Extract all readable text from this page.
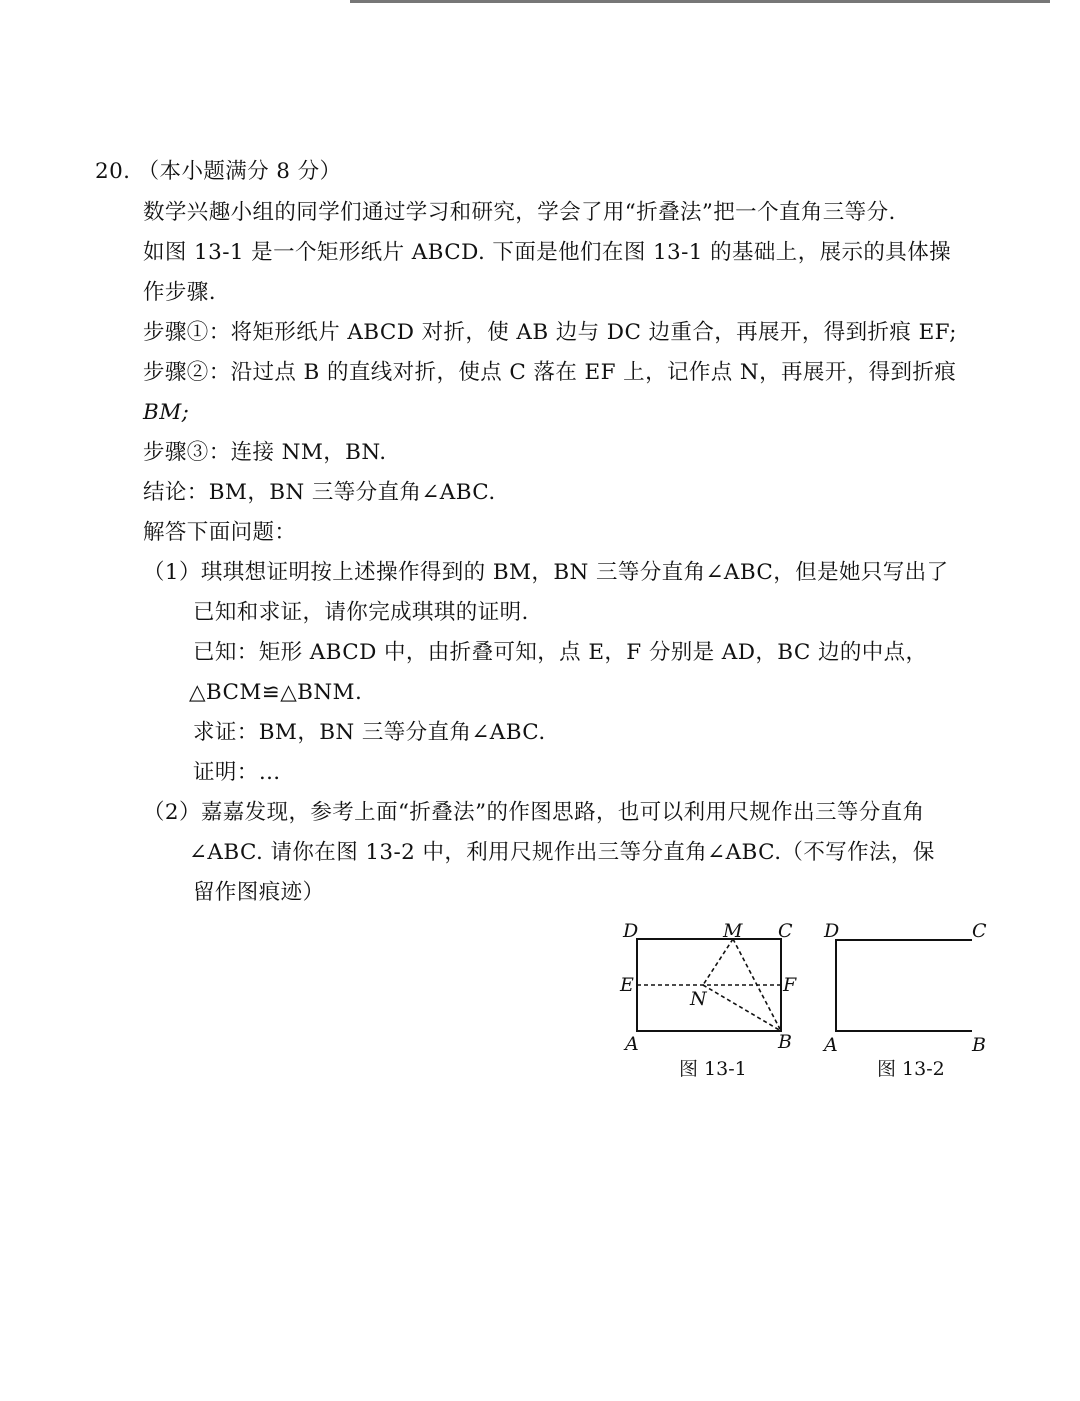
20. （本小题满分 8 分）
数学兴趣小组的同学们通过学习和研究，学会了用“折叠法”把一个直角三等分.
如图 13-1 是一个矩形纸片 ABCD. 下面是他们在图 13-1 的基础上，展示的具体操
作步骤.
步骤①：将矩形纸片 ABCD 对折，使 AB 边与 DC 边重合，再展开，得到折痕 EF;
步骤②：沿过点 B 的直线对折，使点 C 落在 EF 上，记作点 N，再展开，得到折痕
BM;
步骤③：连接 NM，BN.
结论：BM，BN 三等分直角∠ABC.
解答下面问题：
（1）琪琪想证明按上述操作得到的 BM，BN 三等分直角∠ABC，但是她只写出了
已知和求证，请你完成琪琪的证明.
已知：矩形 ABCD 中，由折叠可知，点 E，F 分别是 AD，BC 边的中点，
△BCM≌△BNM.
求证：BM，BN 三等分直角∠ABC.
证明：…
（2）嘉嘉发现，参考上面“折叠法”的作图思路，也可以利用尺规作出三等分直角
∠ABC. 请你在图 13-2 中，利用尺规作出三等分直角∠ABC.（不写作法，保
留作图痕迹）
D	M C
E	F
N
A	B
图 13-1
D	C
A	B
图 13-2
